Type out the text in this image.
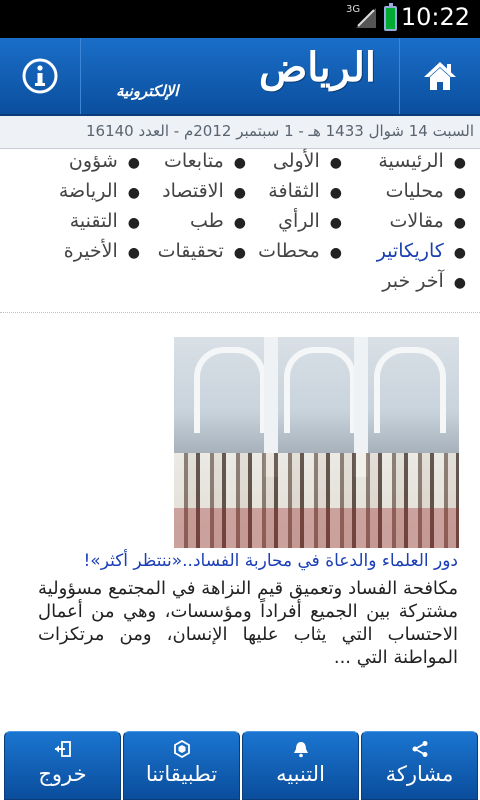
3G 10:22
الرياض
الإلكترونية
السبت 14 شوال 1433 هـ - 1 سبتمبر 2012م - العدد 16140
●الرئيسية
●الأولى
●متابعات
●شؤون
●محليات
●الثقافة
●الاقتصاد
●الرياضة
●مقالات
●الرأي
●طب
●التقنية
●كاريكاتير
●محطات
●تحقيقات
●الأخيرة
●آخر خبر
دور العلماء والدعاة في محاربة الفساد..«ننتظر أكثر»!
مكافحة الفساد وتعميق قيم النزاهة في المجتمع مسؤولية مشتركة بين الجميع أفراداً ومؤسسات، وهي من أعمال الاحتساب التي يثاب عليها الإنسان، ومن مرتكزات المواطنة التي ...
مشاركة
التنبيه
تطبيقاتنا
خروج
